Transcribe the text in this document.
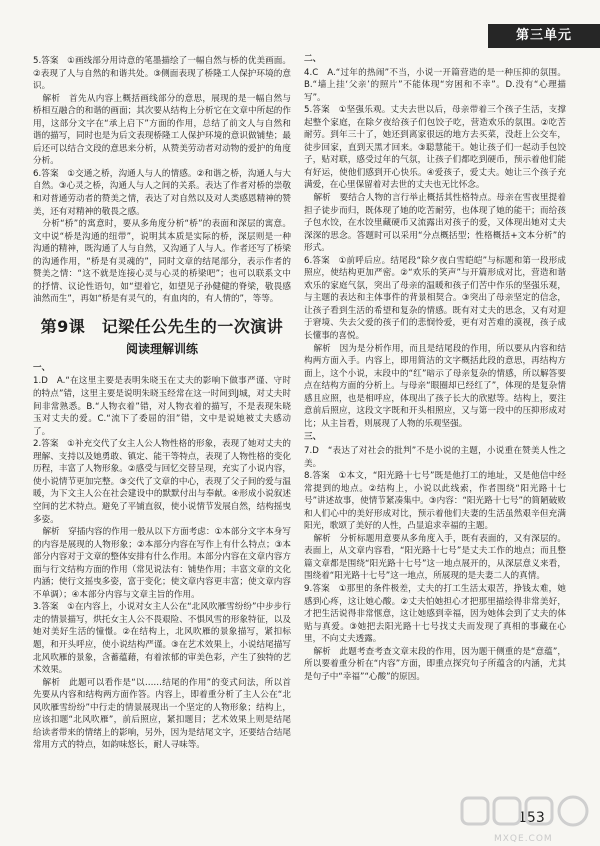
第三单元

5.答案　①画线部分用诗意的笔墨描绘了一幅自然与桥的优美画面。②表现了人与自然的和谐共处。③侧面表现了桥隆工人保护环境的意识。

解析　首先从内容上概括画线部分的意思，展现的是一幅自然与桥相互融合的和谐的画面；其次要从结构上分析它在文章中所起的作用，这部分文字在“承上启下”方面的作用，总结了前文人与自然和谐的描写，同时也是为后文表现桥隆工人保护环境的意识做铺垫；最后还可以结合文段的意思来分析，从赞美劳动者对动物的爱护的角度分析。

6.答案　①交通之桥，沟通人与人的情感。②和谐之桥，沟通人与大自然。③心灵之桥，沟通人与人之间的关系。表达了作者对桥的崇敬和对普通劳动者的赞美之情，表达了对自然以及对人类感恩精神的赞美，还有对精神的敬畏之感。

分析“桥”的寓意时，要从多角度分析“桥”的表面和深层的寓意。文中说“桥是沟通的纽带”，说明其本质是实际的桥，深层则是一种沟通的精神，既沟通了人与自然，又沟通了人与人。作者还写了桥梁的沟通作用，“桥是有灵魂的”，同时文章的结尾部分，表示作者的赞美之情：“这不就是连接心灵与心灵的桥梁吧”；也可以联系文中的抒情、议论性语句，如“望着它，如望见子孙健健的脊梁，敬畏感油然而生”，再如“桥是有灵气的，有血肉的，有人情的”，等等。

第9课　记梁任公先生的一次演讲
阅读理解训练

一、

1.D　A.“在这里主要是表明朱晓玉在丈夫的影响下做事严谨、守时的特点”错，这里主要是说明朱晓玉经常在这一时间到J城，对丈夫时间非常熟悉。B.“人物衣着”错，对人物衣着的描写，不是表现朱晓玉对丈夫的爱。C.“流下了委屈的泪”错，文中是说她被丈夫感动了。

2.答案　①补充交代了女主人公人物性格的形象，表现了她对丈夫的理解、支持以及她勇敢、镇定、能干等特点，表现了人物性格的变化历程，丰富了人物形象。②感受与回忆交替呈现，充实了小说内容，使小说情节更加完整。③交代了文章的中心，表现了父子间的爱与温暖，为下文主人公在社会建设中的默默付出与奉献。④形成小说叙述空间的艺术特点。避免了平铺直叙，使小说情节发展自然，结构摇曳多姿。

解析　穿插内容的作用一般从以下方面考虑：①本部分文字本身写的内容是展现的人物形象；②本部分内容在写作上有什么特点；③本部分内容对于文章的整体安排有什么作用。本部分内容在文章内容方面与行文结构方面的作用（常见说法有：铺垫作用；丰富文章的文化内涵；使行文摇曳多姿，富于变化；使文章内容更丰富；使文章内容不单调）；④本部分内容与文章主旨的作用。

3.答案　①在内容上，小说对女主人公在“北风吹雁雪纷纷”中步步行走的情景描写，烘托女主人公不畏艰险、不惧风雪的形象特征，以及她对美好生活的憧憬。②在结构上，北风吹雁的景象描写，紧扣标题，和开头呼应，使小说结构严谨。③在艺术效果上，小说结尾描写北风吹雁的景象，含蓄蕴藉，有着浓郁的审美色彩，产生了独特的艺术效果。

解析　此题可以看作是“以……结尾的作用”的变式问法，所以首先要从内容和结构两方面作答。内容上，即着重分析了主人公在“北风吹雁雪纷纷”中行走的情景展现出一个坚定的人物形象；结构上，应该扣题“北风吹雁”，前后照应，紧扣题目；艺术效果上则是结尾给读者带来的情绪上的影响，另外，因为是结尾文字，还要结合结尾常用方式的特点，如韵味悠长，耐人寻味等。

二、

4.C　A.“过年的热闹”不当，小说一开篇营造的是一种压抑的氛围。B.“墙上挂‘父亲’的照片”不能体现“穷困和不幸”。D.没有“心理描写”。

5.答案　①坚强乐观。丈夫去世以后，母亲带着三个孩子生活，支撑起整个家庭，在除夕夜给孩子们包饺子吃，营造欢乐的氛围。②吃苦耐劳。到年三十了，她还到离家很远的地方去买菜，没赶上公交车，徒步回家，直到天黑才回来。③聪慧能干。她让孩子们一起动手包饺子，贴对联，感受过年的气氛，让孩子们都吃到硬币，预示着他们能有好运，使他们感到开心快乐。④爱孩子，爱丈夫。她让三个孩子充满爱，在心里保留着对去世的丈夫也无比怀念。

解析　要结合人物的言行举止概括其性格特点。母亲在雪夜里提着担子徒步而归，既体现了她的吃苦耐劳，也体现了她的能干；而给孩子包水饺，在水饺里藏硬币又流露出对孩子的爱，又体现出她对丈夫深深的思念。答题时可以采用“分点概括型；性格概括+文本分析”的形式。

6.答案　①前呼后应。结尾段“除夕夜白雪皑皑”与标题和第一段形成照应，使结构更加严密。②“欢乐的笑声”与开篇形成对比，营造和谐欢乐的家庭气氛，突出了母亲的温暖和孩子们苦中作乐的坚强乐观，与主题的表达和主体事件的背景相契合。③突出了母亲坚定的信念，让孩子看到生活的希望和复杂的情感。既有对丈夫的思念，又有对迎于窘境、失去父爱的孩子们的悲悯怜爱，更有对苦难的漠视，孩子成长懂事的喜悦。

解析　因为是分析作用，而且是结尾段的作用，所以要从内容和结构两方面入手。内容上，即用简洁的文字概括此段的意思，再结构方面上，这个小说，末段中的“红”暗示了母亲复杂的情感，所以解答要点在结构方面的分析上。与母亲“眼圈却已经红了”，体现的是复杂情感且应照，也是相呼应，体现出了孩子长大的欣慰等。结构上，要注意前后照应，这段文字既和开头相照应，又与第一段中的压抑形成对比；从主旨看，则展现了人物的乐观坚强。

三、

7.D　“表达了对社会的批判”不是小说的主题，小说重在赞美人性之美。

8.答案　①本文，“阳光路十七号”既是他打工的地址，又是他信中经常提到的地点。②结构上，小说以此线索，作者围绕“阳光路十七号”讲述故事，使情节紧凑集中。③内容：“阳光路十七号”的简陋破败和人们心中的美好形成对比，预示着他们夫妻的生活虽然艰辛但充满阳光，歌颂了美好的人性，凸显追求幸福的主题。

解析　分析标题用意要从多角度入手，既有表面的，又有深层的。表面上，从文章内容看，“阳光路十七号”是丈夫工作的地点；而且整篇文章都是围绕“阳光路十七号”这一地点展开的，从深层意义来看，围绕着“阳光路十七号”这一地点，所展现的是夫妻二人的真情。

9.答案　①那里的条件极差，丈夫的打工生活太艰苦，挣钱太难，她感到心疼，这让她心酸。②丈夫怕她担心才把那里描绘得非常美好，才把生活说得非常惬意，这让她感到幸福，因为她体会到了丈夫的体贴与真爱。③她把去阳光路十七号找丈夫而发现了真相的事藏在心里，不向丈夫透露。

解析　此题考查考查文章末段的作用，因为题干侧重的是“意蕴”，所以要着重分析在“内容”方面，即重点探究句子所蕴含的内涵，尤其是句子中“幸福”“心酸”的原因。

153
MXQE.COM
